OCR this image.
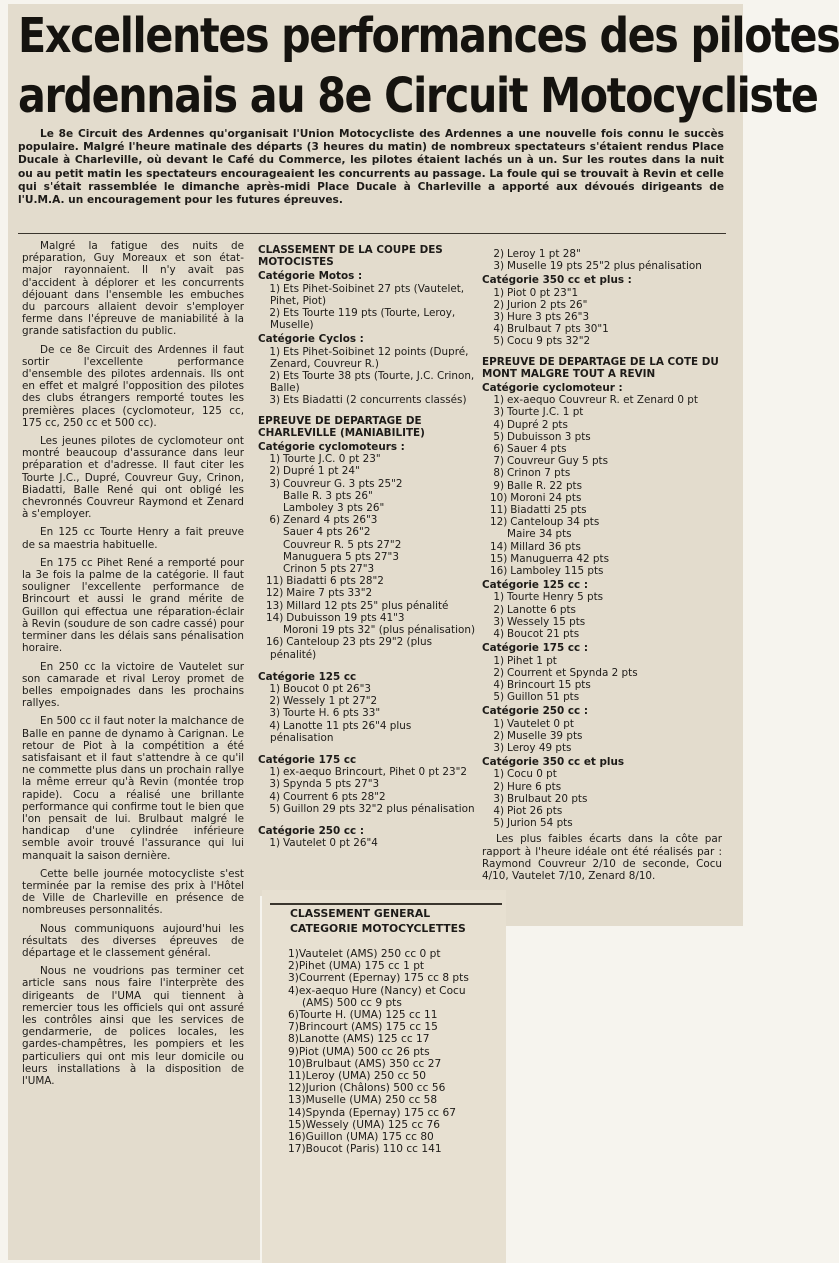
Excellentes performances des pilotes
ardennais au 8e Circuit Motocycliste
Le 8e Circuit des Ardennes qu'organisait l'Union Motocycliste des Ardennes a une nouvelle fois connu le succès populaire. Malgré l'heure matinale des départs (3 heures du matin) de nombreux spectateurs s'étaient rendus Place Ducale à Charleville, où devant le Café du Commerce, les pilotes étaient lachés un à un. Sur les routes dans la nuit ou au petit matin les spectateurs encourageaient les concurrents au passage. La foule qui se trouvait à Revin et celle qui s'était rassemblée le dimanche après-midi Place Ducale à Charleville a apporté aux dévoués dirigeants de l'U.M.A. un encouragement pour les futures épreuves.

Malgré la fatigue des nuits de préparation, Guy Moreaux et son état-major rayonnaient. Il n'y avait pas d'accident à déplorer et les concurrents déjouant dans l'ensemble les embuches du parcours allaient devoir s'employer ferme dans l'épreuve de maniabilité à la grande satisfaction du public.

De ce 8e Circuit des Ardennes il faut sortir l'excellente performance d'ensemble des pilotes ardennais. Ils ont en effet et malgré l'opposition des pilotes des clubs étrangers remporté toutes les premières places (cyclomoteur, 125 cc, 175 cc, 250 cc et 500 cc).

Les jeunes pilotes de cyclomoteur ont montré beaucoup d'assurance dans leur préparation et d'adresse. Il faut citer les Tourte J.C., Dupré, Couvreur Guy, Crinon, Biadatti, Balle René qui ont obligé les chevronnés Couvreur Raymond et Zenard à s'employer.

En 125 cc Tourte Henry a fait preuve de sa maestria habituelle.

En 175 cc Pihet René a remporté pour la 3e fois la palme de la catégorie. Il faut souligner l'excellente performance de Brincourt et aussi le grand mérite de Guillon qui effectua une réparation-éclair à Revin (soudure de son cadre cassé) pour terminer dans les délais sans pénalisation horaire.

En 250 cc la victoire de Vautelet sur son camarade et rival Leroy promet de belles empoignades dans les prochains rallyes.

En 500 cc il faut noter la malchance de Balle en panne de dynamo à Carignan. Le retour de Piot à la compétition a été satisfaisant et il faut s'attendre à ce qu'il ne commette plus dans un prochain rallye la même erreur qu'à Revin (montée trop rapide). Cocu a réalisé une brillante performance qui confirme tout le bien que l'on pensait de lui. Brulbaut malgré le handicap d'une cylindrée inférieure semble avoir trouvé l'assurance qui lui manquait la saison dernière.

Cette belle journée motocycliste s'est terminée par la remise des prix à l'Hôtel de Ville de Charleville en présence de nombreuses personnalités.

Nous communiquons aujourd'hui les résultats des diverses épreuves de départage et le classement général.

Nous ne voudrions pas terminer cet article sans nous faire l'interprète des dirigeants de l'UMA qui tiennent à remercier tous les officiels qui ont assuré les contrôles ainsi que les services de gendarmerie, de polices locales, les gardes-champêtres, les pompiers et les particuliers qui ont mis leur domicile ou leurs installations à la disposition de l'UMA.

CLASSEMENT DE LA COUPE DES MOTOCISTES
Catégorie Motos :
1) Ets Pihet-Soibinet 27 pts (Vautelet, Pihet, Piot)
2) Ets Tourte 119 pts (Tourte, Leroy, Muselle)
Catégorie Cyclos :
1) Ets Pihet-Soibinet 12 points (Dupré, Zenard, Couvreur R.)
2) Ets Tourte 38 pts (Tourte, J.C. Crinon, Balle)
3) Ets Biadatti (2 concurrents classés)
EPREUVE DE DEPARTAGE DE CHARLEVILLE (MANIABILITE)
Catégorie cyclomoteurs :
1) Tourte J.C. 0 pt 23"
2) Dupré 1 pt 24"
3) Couvreur G. 3 pts 25"2
Balle R. 3 pts 26"
Lamboley 3 pts 26"
6) Zenard 4 pts 26"3
Sauer 4 pts 26"2
Couvreur R. 5 pts 27"2
Manuguera 5 pts 27"3
Crinon 5 pts 27"3
11) Biadatti 6 pts 28"2
12) Maire 7 pts 33"2
13) Millard 12 pts 25" plus pénalité
14) Dubuisson 19 pts 41"3
Moroni 19 pts 32" (plus pénalisation)
16) Canteloup 23 pts 29"2 (plus pénalité)
Catégorie 125 cc
1) Boucot 0 pt 26"3
2) Wessely 1 pt 27"2
3) Tourte H. 6 pts 33"
4) Lanotte 11 pts 26"4 plus pénalisation
Catégorie 175 cc
1) ex-aequo Brincourt, Pihet 0 pt 23"2
3) Spynda 5 pts 27"3
4) Courrent 6 pts 28"2
5) Guillon 29 pts 32"2 plus pénalisation
Catégorie 250 cc :
1) Vautelet 0 pt 26"4
2) Leroy 1 pt 28"
3) Muselle 19 pts 25"2 plus pénalisation
Catégorie 350 cc et plus :
1) Piot 0 pt 23"1
2) Jurion 2 pts 26"
3) Hure 3 pts 26"3
4) Brulbaut 7 pts 30"1
5) Cocu 9 pts 32"2
EPREUVE DE DEPARTAGE DE LA COTE DU MONT MALGRE TOUT A REVIN
Catégorie cyclomoteur :
1) ex-aequo Couvreur R. et Zenard 0 pt
3) Tourte J.C. 1 pt
4) Dupré 2 pts
5) Dubuisson 3 pts
6) Sauer 4 pts
7) Couvreur Guy 5 pts
8) Crinon 7 pts
9) Balle R. 22 pts
10) Moroni 24 pts
11) Biadatti 25 pts
12) Canteloup 34 pts
Maire 34 pts
14) Millard 36 pts
15) Manuguerra 42 pts
16) Lamboley 115 pts
Catégorie 125 cc :
1) Tourte Henry 5 pts
2) Lanotte 6 pts
3) Wessely 15 pts
4) Boucot 21 pts
Catégorie 175 cc :
1) Pihet 1 pt
2) Courrent et Spynda 2 pts
4) Brincourt 15 pts
5) Guillon 51 pts
Catégorie 250 cc :
1) Vautelet 0 pt
2) Muselle 39 pts
3) Leroy 49 pts
Catégorie 350 cc et plus
1) Cocu 0 pt
2) Hure 6 pts
3) Brulbaut 20 pts
4) Piot 26 pts
5) Jurion 54 pts
Les plus faibles écarts dans la côte par rapport à l'heure idéale ont été réalisés par : Raymond Couvreur 2/10 de seconde, Cocu 4/10, Vautelet 7/10, Zenard 8/10.
CLASSEMENT GENERAL
CATEGORIE MOTOCYCLETTES
1)Vautelet (AMS) 250 cc 0 pt
2)Pihet (UMA) 175 cc 1 pt
3)Courrent (Epernay) 175 cc 8 pts
4)ex-aequo Hure (Nancy) et Cocu (AMS) 500 cc 9 pts
6)Tourte H. (UMA) 125 cc 11
7)Brincourt (AMS) 175 cc 15
8)Lanotte (AMS) 125 cc 17
9)Piot (UMA) 500 cc 26 pts
10)Brulbaut (AMS) 350 cc 27
11)Leroy (UMA) 250 cc 50
12)Jurion (Châlons) 500 cc 56
13)Muselle (UMA) 250 cc 58
14)Spynda (Epernay) 175 cc 67
15)Wessely (UMA) 125 cc 76
16)Guillon (UMA) 175 cc 80
17)Boucot (Paris) 110 cc 141
